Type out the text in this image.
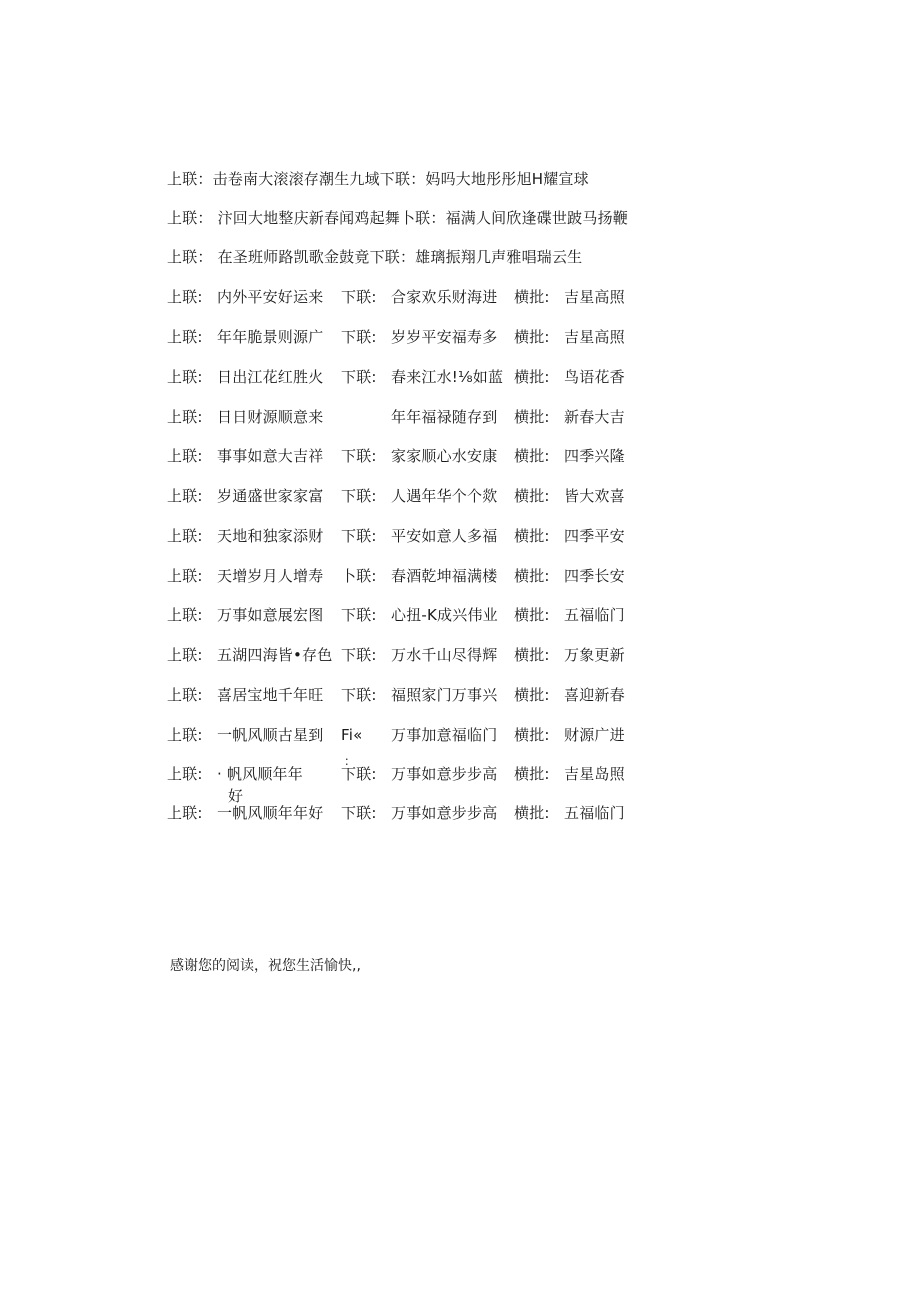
上联：击卷南大滚滚存潮生九域下联：妈吗大地彤彤旭H耀宣球
上联： 汴回大地整庆新春闻鸡起舞卜联：福满人间欣逢碟世跛马扬鞭
上联： 在圣班师路凯歌金鼓竟下联：雄璃振翔几声雅唱瑞云生
上联: 内外平安好运来 下联: 合家欢乐财海进 横批: 吉星高照
上联: 年年脆景则源广 下联: 岁岁平安福寿多 横批: 吉星高照
上联: 日出江花红胜火 下联: 春来江水!⅛如蓝 横批: 鸟语花香
上联: 日日财源顺意来	年年福禄随存到 横批: 新春大吉
上联: 事事如意大吉祥 下联: 家家顺心水安康 横批: 四季兴隆
上联: 岁通盛世家家富 下联: 人遇年华个个欻 横批: 皆大欢喜
上联: 天地和独家添财 下联: 平安如意人多福 横批: 四季平安
上联: 天增岁月人增寿 卜联: 春酒乾坤福满楼 横批: 四季长安
上联: 万事如意展宏图 下联: 心扭-K成兴伟业 横批: 五福临门
上联: 五湖四海皆•存色 下联: 万水千山尽得辉 横批: 万象更新
上联: 喜居宝地千年旺 下联: 福照家门万事兴 横批: 喜迎新春
上联: 一帆风顺古星到 Fi« 万事加意福临门 横批: 财源广进
上联: · 帆风顺年年	下联: 万事如意步步高 横批: 吉星岛照
好
：
上联: 一帆风顺年年好 下联: 万事如意步步高 横批: 五福临门
感谢您的阅读，祝您生活愉快,,
